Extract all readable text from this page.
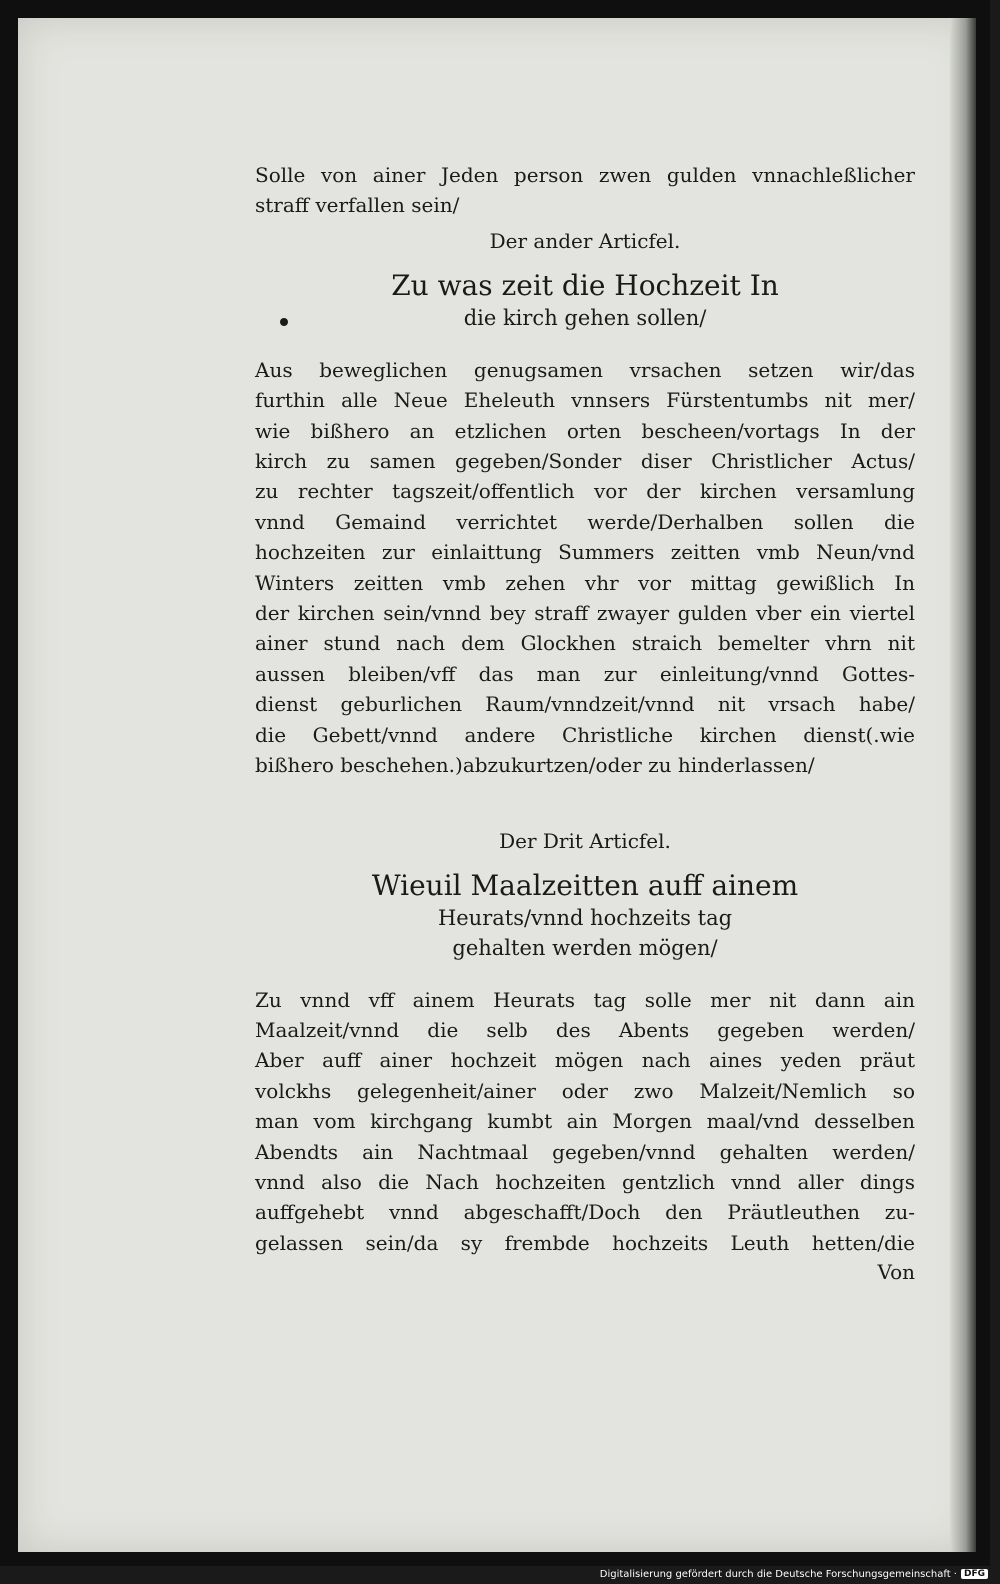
Solle von ainer Jeden person zwen gulden vnnachleßlicher
straff verfallen sein/
Der ander Articfel.
Zu was zeit die Hochzeit In
die kirch gehen sollen/
Aus beweglichen genugsamen vrsachen setzen wir/das
furthin alle Neue Eheleuth vnnsers Fürstentumbs nit mer/
wie bißhero an etzlichen orten bescheen/vortags In der
kirch zu samen gegeben/Sonder diser Christlicher Actus/
zu rechter tagszeit/offentlich vor der kirchen versamlung
vnnd Gemaind verrichtet werde/Derhalben sollen die
hochzeiten zur einlaittung Summers zeitten vmb Neun/vnd
Winters zeitten vmb zehen vhr vor mittag gewißlich In
der kirchen sein/vnnd bey straff zwayer gulden vber ein viertel
ainer stund nach dem Glockhen straich bemelter vhrn nit
aussen bleiben/vff das man zur einleitung/vnnd Gottes-
dienst geburlichen Raum/vnndzeit/vnnd nit vrsach habe/
die Gebett/vnnd andere Christliche kirchen dienst(.wie
bißhero beschehen.)abzukurtzen/oder zu hinderlassen/
Der Drit Articfel.
Wieuil Maalzeitten auff ainem
Heurats/vnnd hochzeits tag
gehalten werden mögen/
Zu vnnd vff ainem Heurats tag solle mer nit dann ain
Maalzeit/vnnd die selb des Abents gegeben werden/
Aber auff ainer hochzeit mögen nach aines yeden präut
volckhs gelegenheit/ainer oder zwo Malzeit/Nemlich so
man vom kirchgang kumbt ain Morgen maal/vnd desselben
Abendts ain Nachtmaal gegeben/vnnd gehalten werden/
vnnd also die Nach hochzeiten gentzlich vnnd aller dings
auffgehebt vnnd abgeschafft/Doch den Präutleuthen zu-
gelassen sein/da sy frembde hochzeits Leuth hetten/die
Von
Digitalisierung gefördert durch die Deutsche Forschungsgemeinschaft · DFG
